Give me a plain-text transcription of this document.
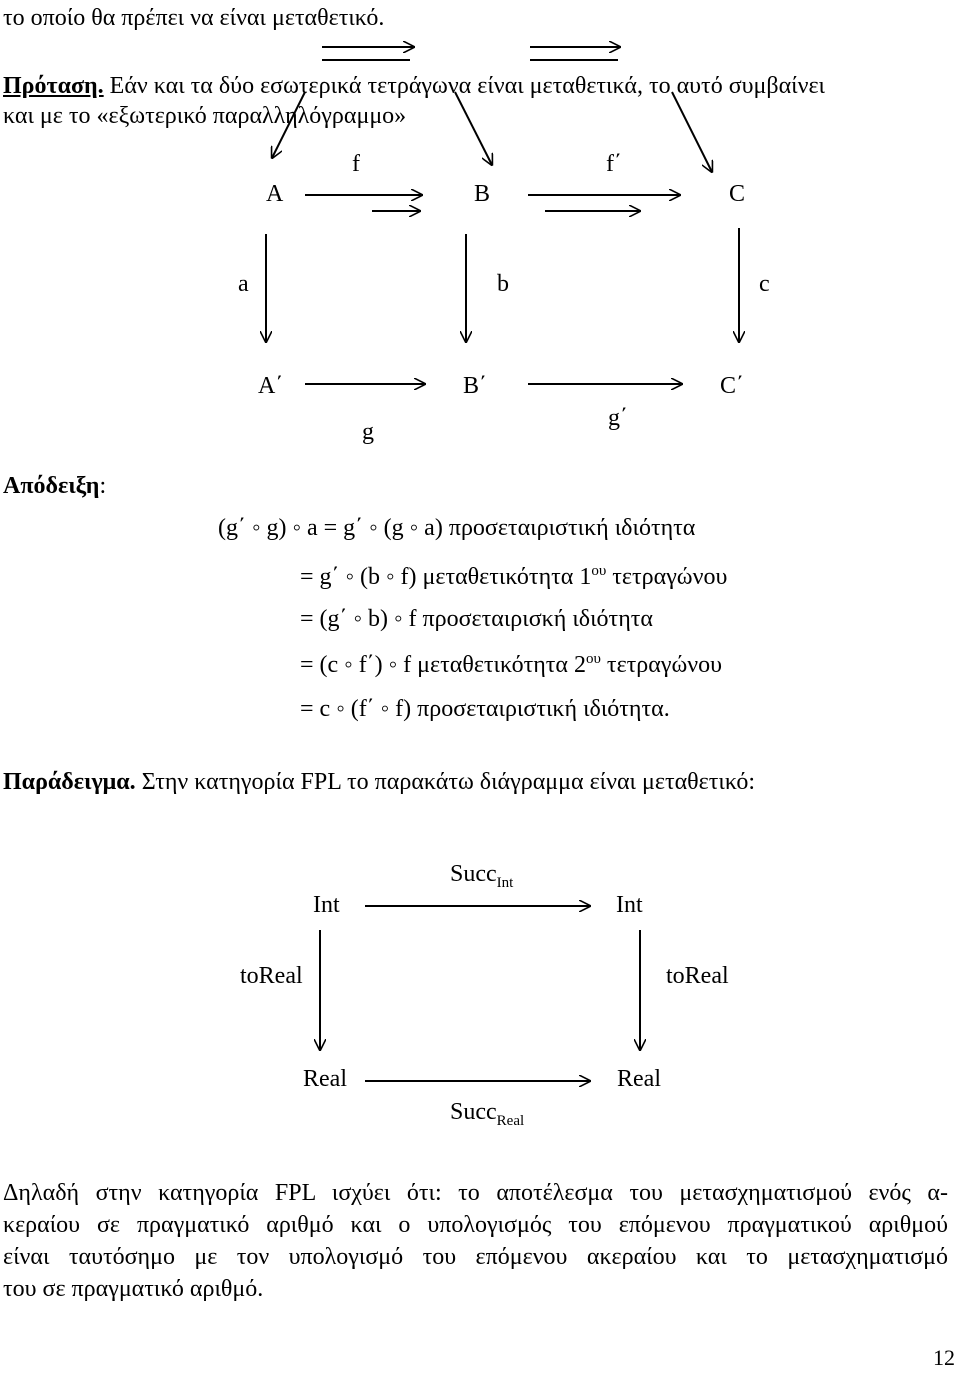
το οποίο θα πρέπει να είναι μεταθετικό.
Πρόταση. Εάν και τα δύο εσωτερικά τετράγωνα είναι μεταθετικά, το αυτό συμβαίνει
και με το «εξωτερικό παραλληλόγραμμο»
f	f΄
A	B	C
a	b	c
A΄	B΄	C΄
g
g΄
Απόδειξη:
(g΄ ◦ g) ◦ a = g΄ ◦ (g ◦ a) προσεταιριστική ιδιότητα
= g΄ ◦ (b ◦ f) μεταθετικότητα $1^{o\upsilon}$ τετραγώνου
= (g΄ ◦ b) ◦ f προσεταιρισκή ιδιότητα
= (c ◦ f΄) ◦ f μεταθετικότητα $2^{o\upsilon}$ τετραγώνου
= c ◦ (f΄ ◦ f) προσεταιριστική ιδιότητα.
Παράδειγμα. Στην κατηγορία FPL το παρακάτω διάγραμμα είναι μεταθετικό:
Succ$_{Int}$
Int	Int
toReal	toReal
Real	Real
Succ$_{Real}$
Δηλαδή στην κατηγορία FPL ισχύει ότι: το αποτέλεσμα του μετασχηματισμού ενός α-
κεραίου σε πραγματικό αριθμό και ο υπολογισμός του επόμενου πραγματικού αριθμού
είναι ταυτόσημο με τον υπολογισμό του επόμενου ακεραίου και το μετασχηματισμό
του σε πραγματικό αριθμό.
12
